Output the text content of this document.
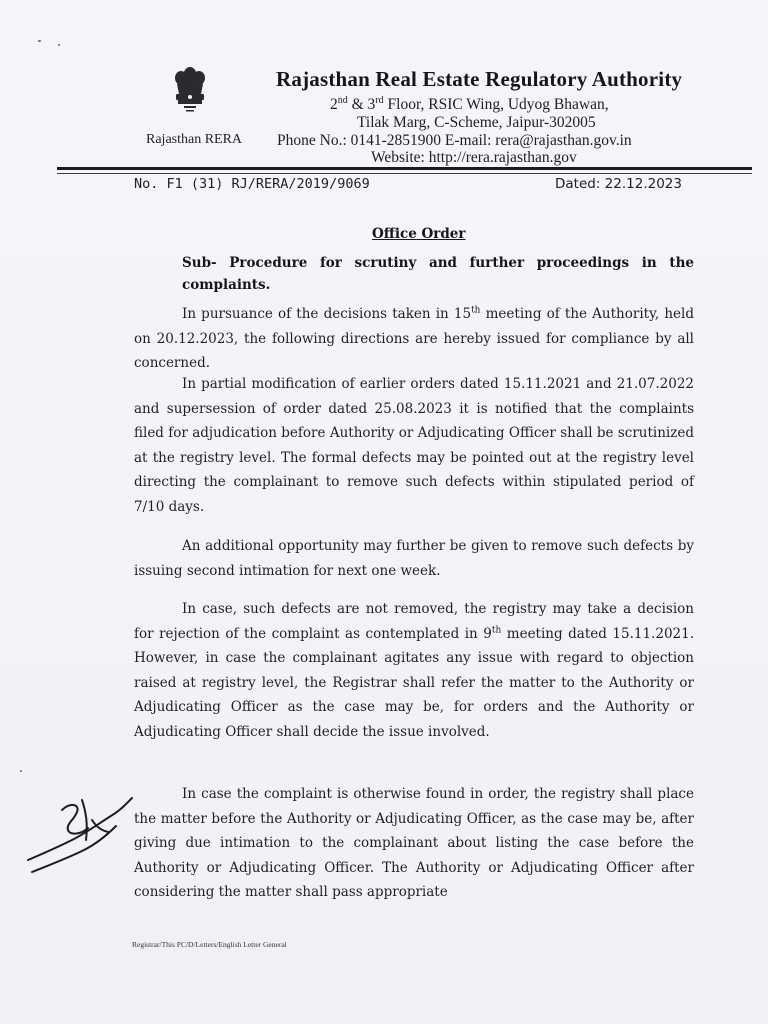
Rajasthan RERA
Rajasthan Real Estate Regulatory Authority
2nd & 3rd Floor, RSIC Wing, Udyog Bhawan,
Tilak Marg, C-Scheme, Jaipur-302005
Phone No.: 0141-2851900 E-mail: rera@rajasthan.gov.in
Website: http://rera.rajasthan.gov
No. F1 (31) RJ/RERA/2019/9069	Dated: 22.12.2023
Office Order
Sub- Procedure for scrutiny and further proceedings in the complaints.
In pursuance of the decisions taken in 15th meeting of the Authority, held on 20.12.2023, the following directions are hereby issued for compliance by all concerned.
In partial modification of earlier orders dated 15.11.2021 and 21.07.2022 and supersession of order dated 25.08.2023 it is notified that the complaints filed for adjudication before Authority or Adjudicating Officer shall be scrutinized at the registry level. The formal defects may be pointed out at the registry level directing the complainant to remove such defects within stipulated period of 7/10 days.
An additional opportunity may further be given to remove such defects by issuing second intimation for next one week.
In case, such defects are not removed, the registry may take a decision for rejection of the complaint as contemplated in 9th meeting dated 15.11.2021. However, in case the complainant agitates any issue with regard to objection raised at registry level, the Registrar shall refer the matter to the Authority or Adjudicating Officer as the case may be, for orders and the Authority or Adjudicating Officer shall decide the issue involved.
In case the complaint is otherwise found in order, the registry shall place the matter before the Authority or Adjudicating Officer, as the case may be, after giving due intimation to the complainant about listing the case before the Authority or Adjudicating Officer. The Authority or Adjudicating Officer after considering the matter shall pass appropriate
Registrar/This PC/D/Letters/English Letter General
